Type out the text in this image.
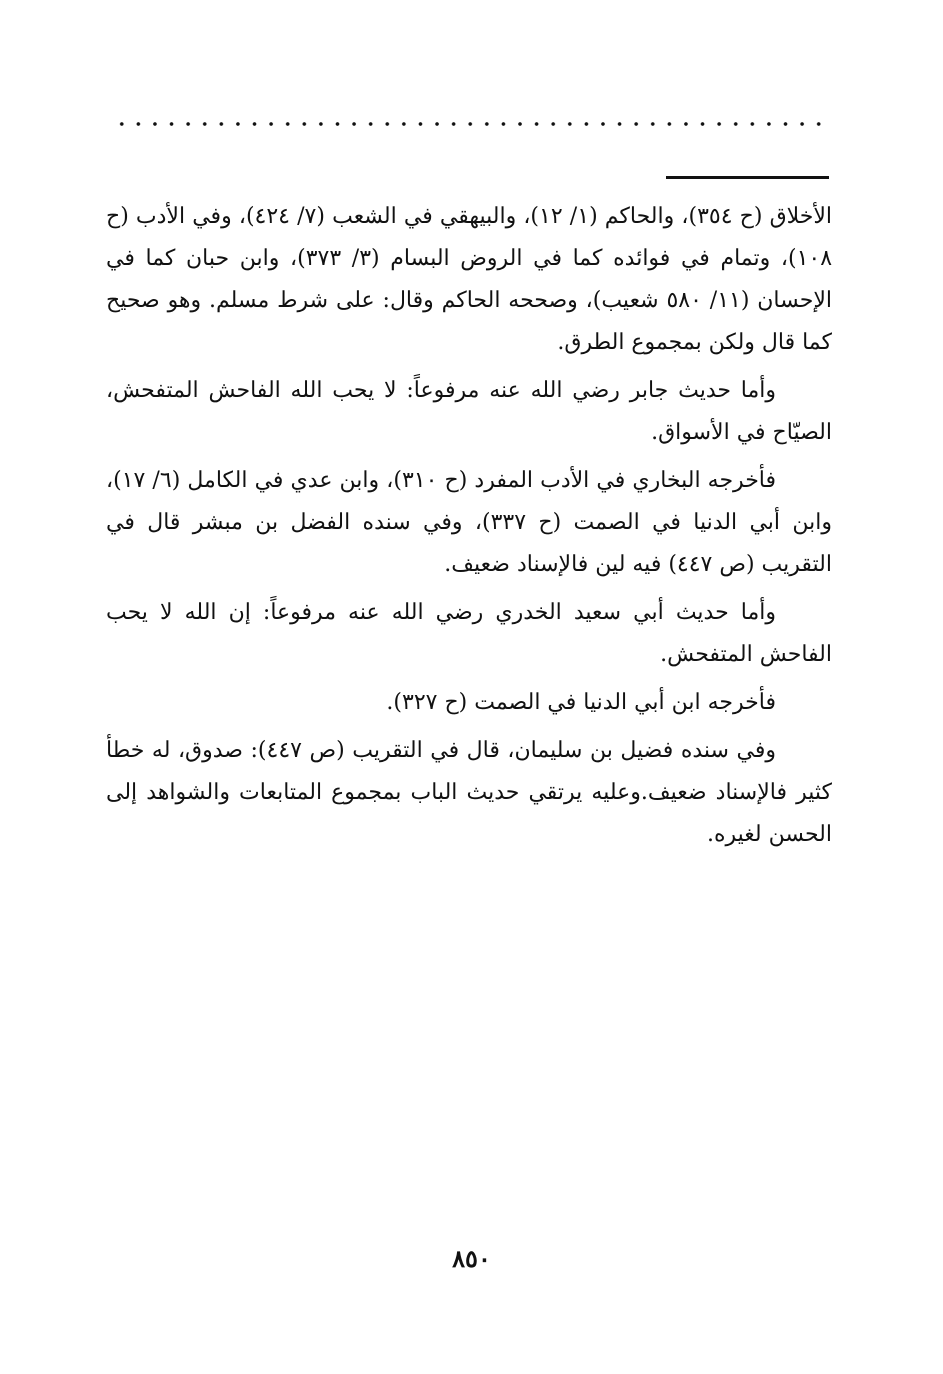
الأخلاق (ح ٣٥٤)، والحاكم (١/ ١٢)، والبيهقي في الشعب (٧/ ٤٢٤)، وفي الأدب (ح ١٠٨)، وتمام في فوائده كما في الروض البسام (٣/ ٣٧٣)، وابن حبان كما في الإحسان (١١/ ٥٨٠ شعيب)، وصححه الحاكم وقال: على شرط مسلم. وهو صحيح كما قال ولكن بمجموع الطرق.

وأما حديث جابر رضي الله عنه مرفوعاً: لا يحب الله الفاحش المتفحش، الصيّاح في الأسواق.

فأخرجه البخاري في الأدب المفرد (ح ٣١٠)، وابن عدي في الكامل (٦/ ١٧)، وابن أبي الدنيا في الصمت (ح ٣٣٧)، وفي سنده الفضل بن مبشر قال في التقريب (ص ٤٤٧) فيه لين فالإسناد ضعيف.

وأما حديث أبي سعيد الخدري رضي الله عنه مرفوعاً: إن الله لا يحب الفاحش المتفحش.

فأخرجه ابن أبي الدنيا في الصمت (ح ٣٢٧).

وفي سنده فضيل بن سليمان، قال في التقريب (ص ٤٤٧): صدوق، له خطأ كثير فالإسناد ضعيف.وعليه يرتقي حديث الباب بمجموع المتابعات والشواهد إلى الحسن لغيره.

٨٥٠
